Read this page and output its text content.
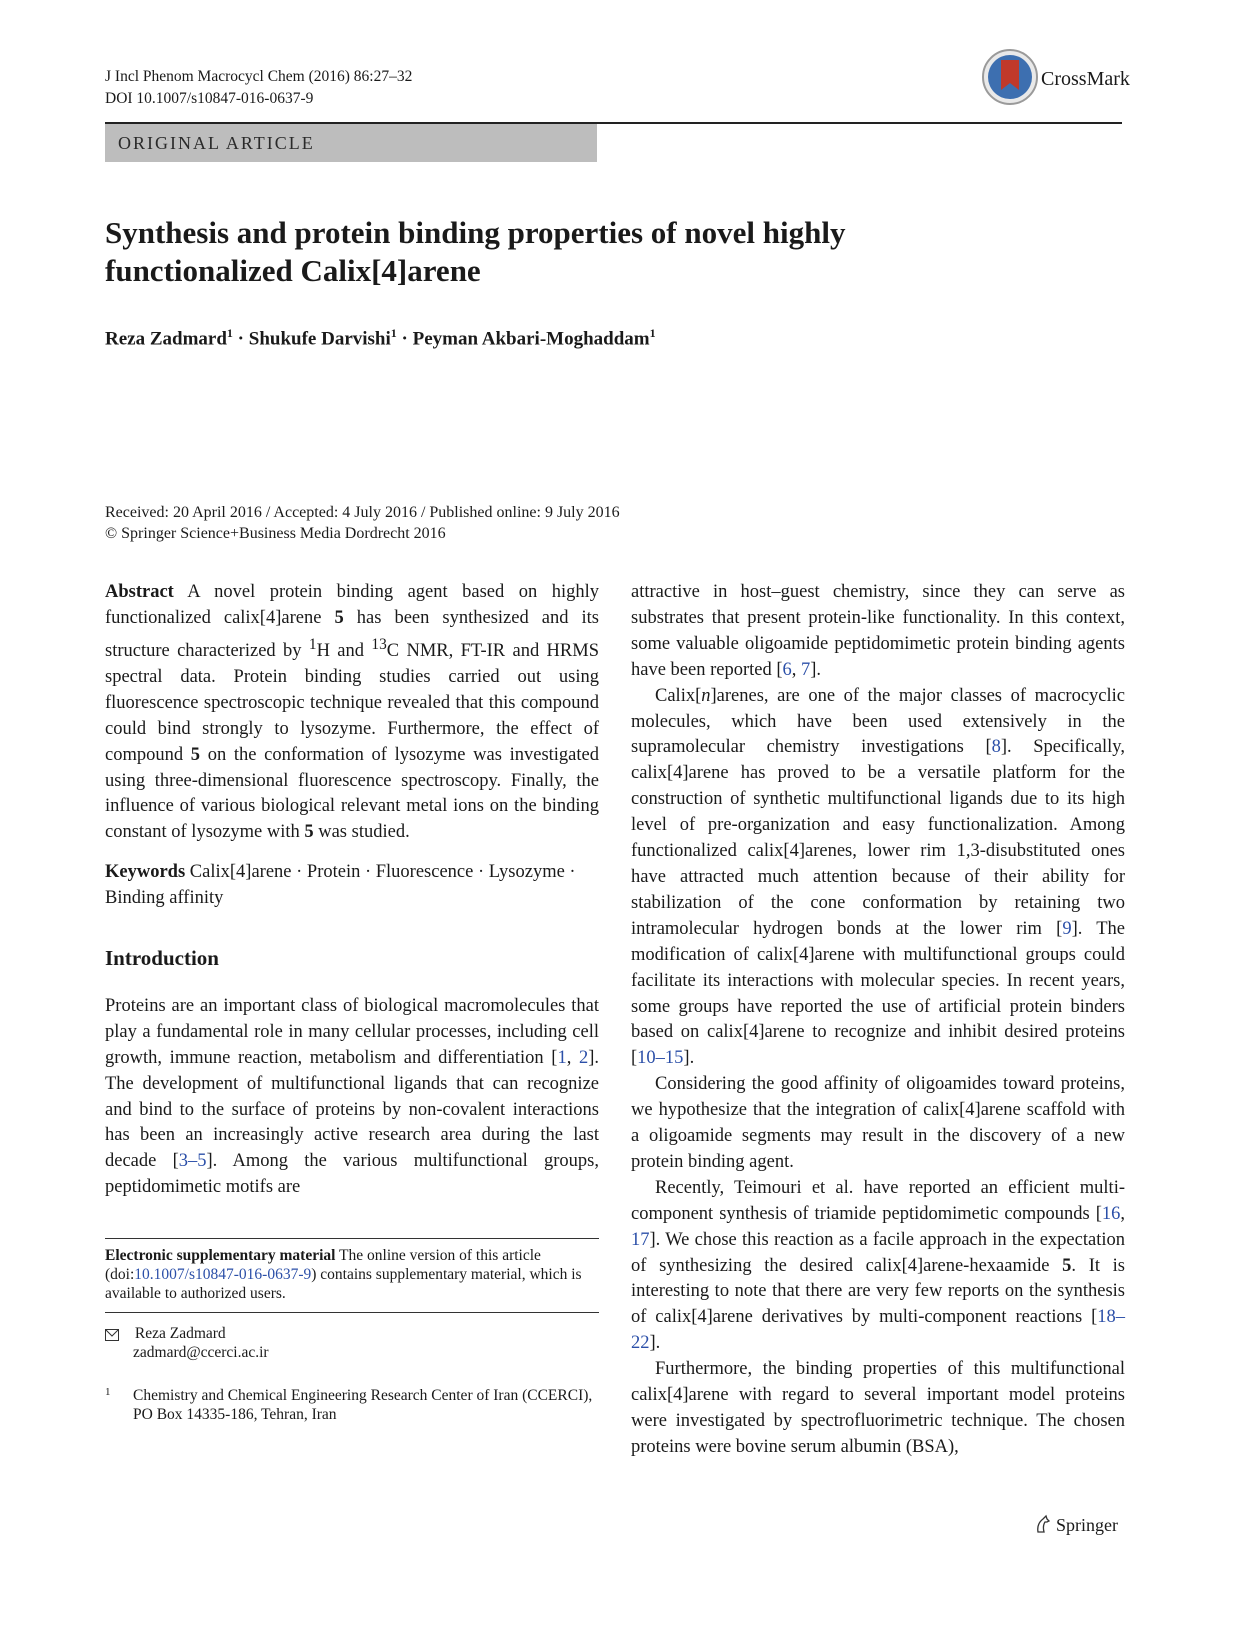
J Incl Phenom Macrocycl Chem (2016) 86:27–32
DOI 10.1007/s10847-016-0637-9
CrossMark
ORIGINAL ARTICLE
Synthesis and protein binding properties of novel highly functionalized Calix[4]arene
Reza Zadmard$^1$ · Shukufe Darvishi$^1$ · Peyman Akbari-Moghaddam$^1$
Received: 20 April 2016 / Accepted: 4 July 2016 / Published online: 9 July 2016
© Springer Science+Business Media Dordrecht 2016

Abstract A novel protein binding agent based on highly functionalized calix[4]arene 5 has been synthesized and its structure characterized by $^1$H and $^{13}$C NMR, FT-IR and HRMS spectral data. Protein binding studies carried out using fluorescence spectroscopic technique revealed that this compound could bind strongly to lysozyme. Furthermore, the effect of compound 5 on the conformation of lysozyme was investigated using three-dimensional fluorescence spectroscopy. Finally, the influence of various biological relevant metal ions on the binding constant of lysozyme with 5 was studied.

Keywords Calix[4]arene · Protein · Fluorescence · Lysozyme · Binding affinity

Introduction

Proteins are an important class of biological macromolecules that play a fundamental role in many cellular processes, including cell growth, immune reaction, metabolism and differentiation [1, 2]. The development of multifunctional ligands that can recognize and bind to the surface of proteins by non-covalent interactions has been an increasingly active research area during the last decade [3–5]. Among the various multifunctional groups, peptidomimetic motifs are

Electronic supplementary material The online version of this article (doi:10.1007/s10847-016-0637-9) contains supplementary material, which is available to authorized users.
Reza Zadmard
zadmard@ccerci.ac.ir
1 Chemistry and Chemical Engineering Research Center of Iran (CCERCI), PO Box 14335-186, Tehran, Iran

attractive in host–guest chemistry, since they can serve as substrates that present protein-like functionality. In this context, some valuable oligoamide peptidomimetic protein binding agents have been reported [6, 7].

Calix[n]arenes, are one of the major classes of macrocyclic molecules, which have been used extensively in the supramolecular chemistry investigations [8]. Specifically, calix[4]arene has proved to be a versatile platform for the construction of synthetic multifunctional ligands due to its high level of pre-organization and easy functionalization. Among functionalized calix[4]arenes, lower rim 1,3-disubstituted ones have attracted much attention because of their ability for stabilization of the cone conformation by retaining two intramolecular hydrogen bonds at the lower rim [9]. The modification of calix[4]arene with multifunctional groups could facilitate its interactions with molecular species. In recent years, some groups have reported the use of artificial protein binders based on calix[4]arene to recognize and inhibit desired proteins [10–15].

Considering the good affinity of oligoamides toward proteins, we hypothesize that the integration of calix[4]arene scaffold with a oligoamide segments may result in the discovery of a new protein binding agent.

Recently, Teimouri et al. have reported an efficient multi-component synthesis of triamide peptidomimetic compounds [16, 17]. We chose this reaction as a facile approach in the expectation of synthesizing the desired calix[4]arene-hexaamide 5. It is interesting to note that there are very few reports on the synthesis of calix[4]arene derivatives by multi-component reactions [18–22].

Furthermore, the binding properties of this multifunctional calix[4]arene with regard to several important model proteins were investigated by spectrofluorimetric technique. The chosen proteins were bovine serum albumin (BSA),

Springer
